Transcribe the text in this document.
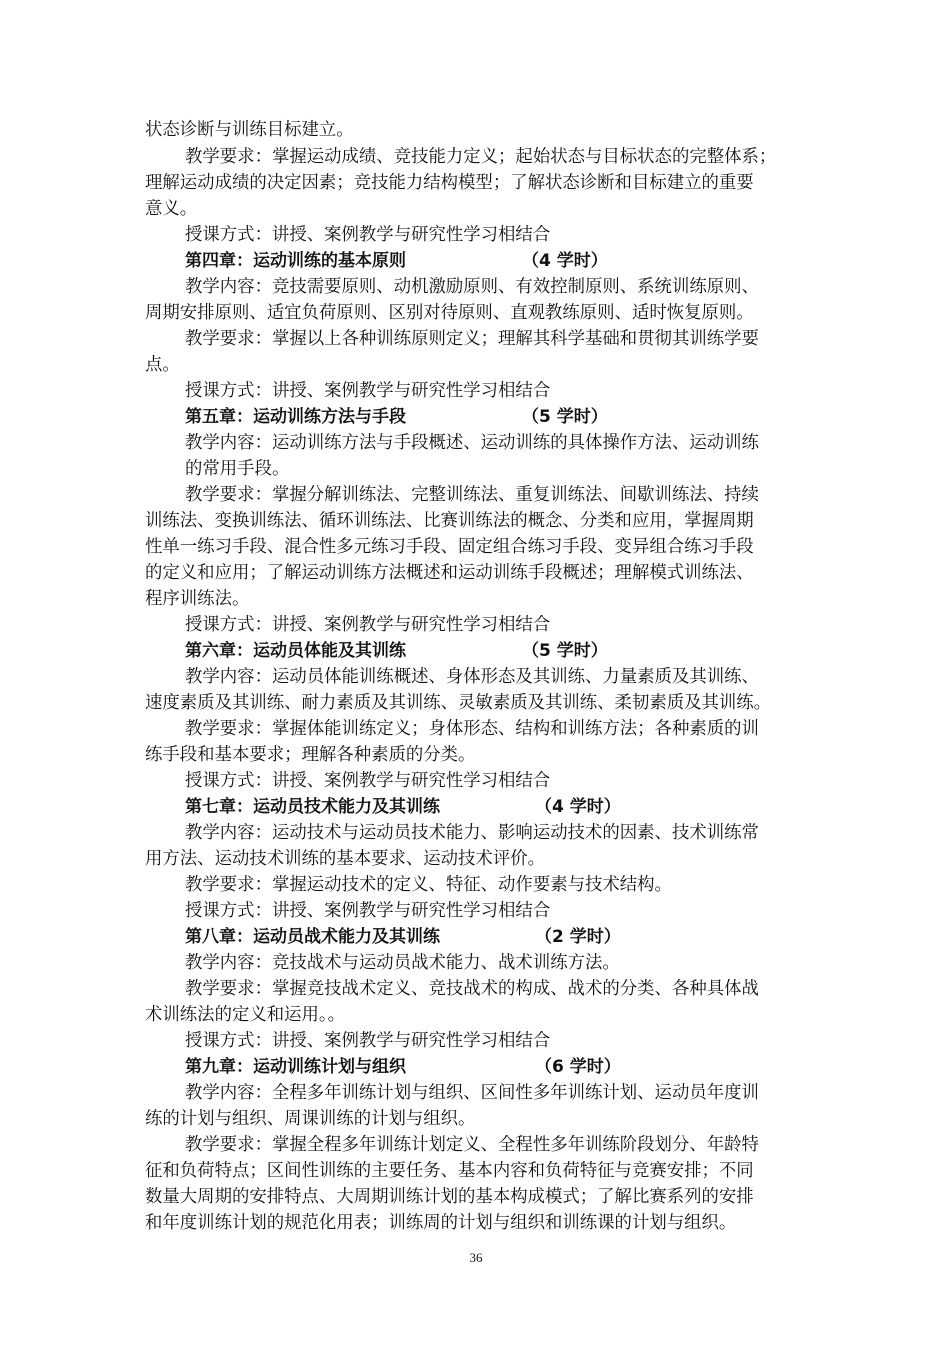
状态诊断与训练目标建立。
教学要求：掌握运动成绩、竞技能力定义；起始状态与目标状态的完整体系；
理解运动成绩的决定因素；竞技能力结构模型；了解状态诊断和目标建立的重要
意义。
授课方式：讲授、案例教学与研究性学习相结合
第四章：运动训练的基本原则	（4 学时）
教学内容：竞技需要原则、动机激励原则、有效控制原则、系统训练原则、
周期安排原则、适宜负荷原则、区别对待原则、直观教练原则、适时恢复原则。
教学要求：掌握以上各种训练原则定义；理解其科学基础和贯彻其训练学要
点。
授课方式：讲授、案例教学与研究性学习相结合
第五章：运动训练方法与手段	（5 学时）
教学内容：运动训练方法与手段概述、运动训练的具体操作方法、运动训练
的常用手段。
教学要求：掌握分解训练法、完整训练法、重复训练法、间歇训练法、持续
训练法、变换训练法、循环训练法、比赛训练法的概念、分类和应用，掌握周期
性单一练习手段、混合性多元练习手段、固定组合练习手段、变异组合练习手段
的定义和应用；了解运动训练方法概述和运动训练手段概述；理解模式训练法、
程序训练法。
授课方式：讲授、案例教学与研究性学习相结合
第六章：运动员体能及其训练	（5 学时）
教学内容：运动员体能训练概述、身体形态及其训练、力量素质及其训练、
速度素质及其训练、耐力素质及其训练、灵敏素质及其训练、柔韧素质及其训练。
教学要求：掌握体能训练定义；身体形态、结构和训练方法；各种素质的训
练手段和基本要求；理解各种素质的分类。
授课方式：讲授、案例教学与研究性学习相结合
第七章：运动员技术能力及其训练	（4 学时）
教学内容：运动技术与运动员技术能力、影响运动技术的因素、技术训练常
用方法、运动技术训练的基本要求、运动技术评价。
教学要求：掌握运动技术的定义、特征、动作要素与技术结构。
授课方式：讲授、案例教学与研究性学习相结合
第八章：运动员战术能力及其训练	（2 学时）
教学内容：竞技战术与运动员战术能力、战术训练方法。
教学要求：掌握竞技战术定义、竞技战术的构成、战术的分类、各种具体战
术训练法的定义和运用。。
授课方式：讲授、案例教学与研究性学习相结合
第九章：运动训练计划与组织	（6 学时）
教学内容：全程多年训练计划与组织、区间性多年训练计划、运动员年度训
练的计划与组织、周课训练的计划与组织。
教学要求：掌握全程多年训练计划定义、全程性多年训练阶段划分、年龄特
征和负荷特点；区间性训练的主要任务、基本内容和负荷特征与竞赛安排；不同
数量大周期的安排特点、大周期训练计划的基本构成模式；了解比赛系列的安排
和年度训练计划的规范化用表；训练周的计划与组织和训练课的计划与组织。
36
